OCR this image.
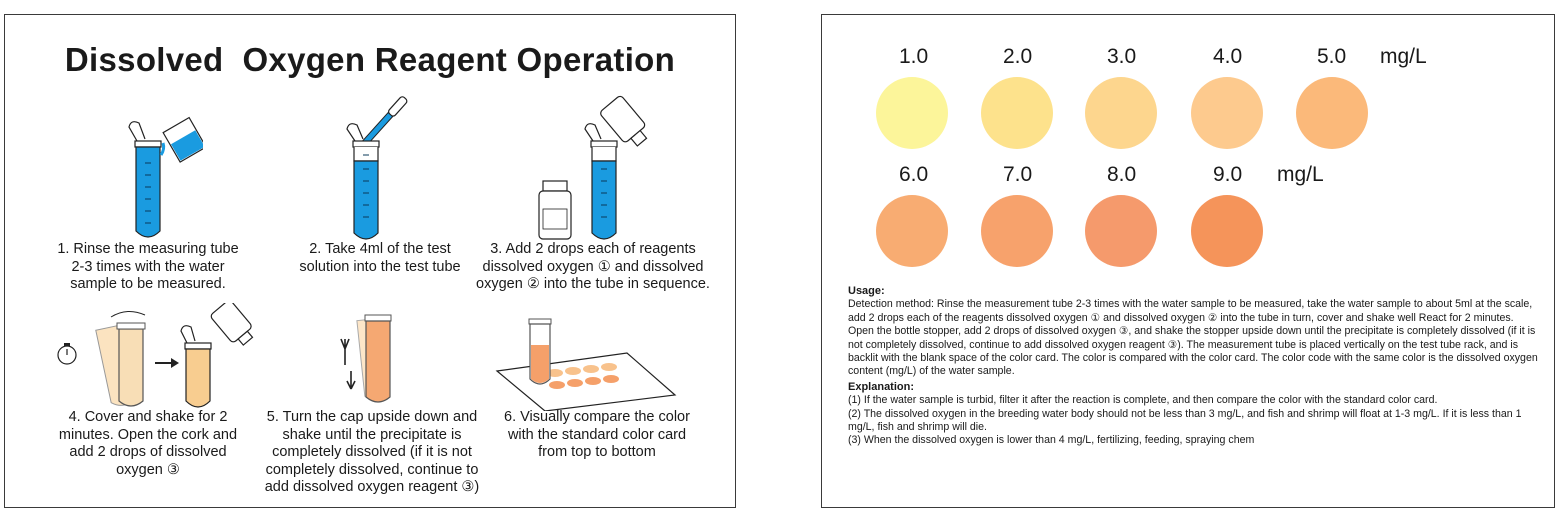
Dissolved  Oxygen Reagent Operation
1. Rinse the measuring tube
2-3 times with the water
sample to be measured.
2. Take 4ml of the test
solution into the test tube
3. Add 2 drops each of reagents
dissolved oxygen ① and dissolved
oxygen ② into the tube in sequence.
4. Cover and shake for 2
minutes. Open the cork and
add 2 drops of dissolved
oxygen ③
5. Turn the cap upside down and
shake until the precipitate is
completely dissolved (if it is not
completely dissolved, continue to
add dissolved oxygen reagent ③)
6. Visually compare the color
with the standard color card
from top to bottom
1.0	2.0	3.0	4.0	5.0 mg/L
6.0	7.0	8.0	9.0 mg/L

Usage:

Detection method: Rinse the measurement tube 2-3 times with the water sample to be measured, take the water sample to about 5ml at the scale, add 2 drops each of the reagents dissolved oxygen ① and dissolved oxygen ② into the tube in turn, cover and shake well React for 2 minutes. Open the bottle stopper, add 2 drops of dissolved oxygen ③, and shake the stopper upside down until the precipitate is completely dissolved (if it is not completely dissolved, continue to add dissolved oxygen reagent ③). The measurement tube is placed vertically on the test tube rack, and is backlit with the blank space of the color card. The color is compared with the color card. The color code with the same color is the dissolved oxygen content (mg/L) of the water sample.

Explanation:

(1) If the water sample is turbid, filter it after the reaction is complete, and then compare the color with the standard color card.

(2) The dissolved oxygen in the breeding water body should not be less than 3 mg/L, and fish and shrimp will float at 1-3 mg/L. If it is less than 1 mg/L, fish and shrimp will die.

(3) When the dissolved oxygen is lower than 4 mg/L, fertilizing, feeding, spraying chem
